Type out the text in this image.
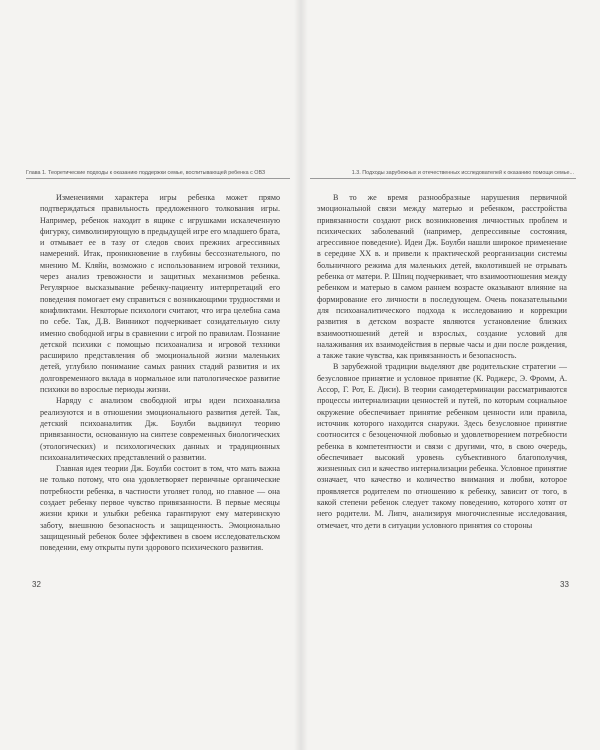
Глава 1. Теоретические подходы к оказанию поддержки семье, воспитывающей ребенка с ОВЗ

Изменениями характера игры ребенка может прямо подтверждаться правильность предложенного толкования игры. Например, ребенок находит в ящике с игрушками искалеченную фигурку, символизирующую в предыдущей игре его младшего брата, и отмывает ее в тазу от следов своих прежних агрессивных намерений. Итак, проникновение в глубины бессознательного, по мнению М. Кляйн, возможно с использованием игровой техники, через анализ тревожности и защитных механизмов ребенка. Регулярное высказывание ребенку-пациенту интерпретаций его поведения помогает ему справиться с возникающими трудностями и конфликтами. Некоторые психологи считают, что игра целебна сама по себе. Так, Д.В. Винникот подчеркивает созидательную силу именно свободной игры в сравнении с игрой по правилам. Познание детской психики с помощью психоанализа и игровой техники расширило представления об эмоциональной жизни маленьких детей, углубило понимание самых ранних стадий развития и их долговременного вклада в нормальное или патологическое развитие психики во взрослые периоды жизни.

Наряду с анализом свободной игры идеи психоанализа реализуются и в отношении эмоционального развития детей. Так, детский психоаналитик Дж. Боулби выдвинул теорию привязанности, основанную на синтезе современных биологических (этологических) и психологических данных и традиционных психоаналитических представлений о развитии.

Главная идея теории Дж. Боулби состоит в том, что мать важна не только потому, что она удовлетворяет первичные органические потребности ребенка, в частности утоляет голод, но главное — она создает ребенку первое чувство привязанности. В первые месяцы жизни крики и улыбки ребенка гарантируют ему материнскую заботу, внешнюю безопасность и защищенность. Эмоционально защищенный ребенок более эффективен в своем исследовательском поведении, ему открыты пути здорового психического развития.

32
1.3. Подходы зарубежных и отечественных исследователей к оказанию помощи семье...

В то же время разнообразные нарушения первичной эмоциональной связи между матерью и ребенком, расстройства привязанности создают риск возникновения личностных проблем и психических заболеваний (например, депрессивные состояния, агрессивное поведение). Идеи Дж. Боулби нашли широкое применение в середине XX в. и привели к практической реорганизации системы больничного режима для маленьких детей, вколотившей не отрывать ребенка от матери. Р. Шпиц подчеркивает, что взаимоотношения между ребенком и матерью в самом раннем возрасте оказывают влияние на формирование его личности в последующем. Очень показательными для психоаналитического подхода к исследованию и коррекции развития в детском возрасте являются установление близких взаимоотношений детей и взрослых, создание условий для налаживания их взаимодействия в первые часы и дни после рождения, а также такие чувства, как привязанность и безопасность.

В зарубежной традиции выделяют две родительские стратегии — безусловное принятие и условное принятие (К. Роджерс, Э. Фромм, А. Ассор, Г. Рот, Е. Диси). В теории самодетерминации рассматриваются процессы интернализации ценностей и путей, по которым социальное окружение обеспечивает принятие ребенком ценности или правила, источник которого находится снаружи. Здесь безусловное принятие соотносится с безоценочной любовью и удовлетворением потребности ребенка в компетентности и связи с другими, что, в свою очередь, обеспечивает высокий уровень субъективного благополучия, жизненных сил и качество интернализации ребенка. Условное принятие означает, что качество и количество внимания и любви, которое проявляется родителем по отношению к ребенку, зависит от того, в какой степени ребенок следует такому поведению, которого хотят от него родители. М. Липч, анализируя многочисленные исследования, отмечает, что дети в ситуации условного принятия со стороны

33
